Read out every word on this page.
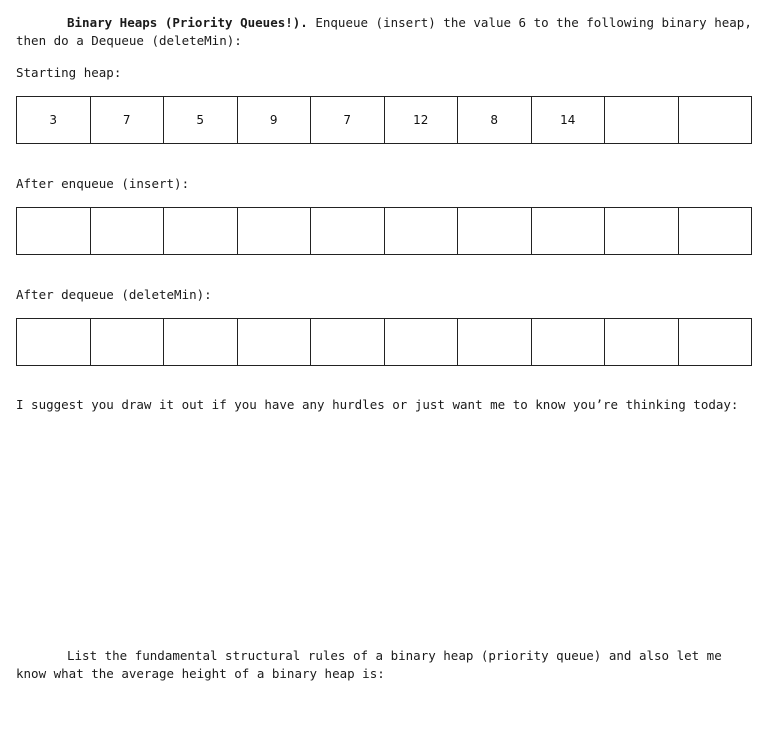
Binary Heaps (Priority Queues!). Enqueue (insert) the value 6 to the following binary heap,
then do a Dequeue (deleteMin):
Starting heap:
3	7	5	9	7	12	8	14
After enqueue (insert):
After dequeue (deleteMin):
I suggest you draw it out if you have any hurdles or just want me to know you’re thinking today:
List the fundamental structural rules of a binary heap (priority queue) and also let me
know what the average height of a binary heap is:
